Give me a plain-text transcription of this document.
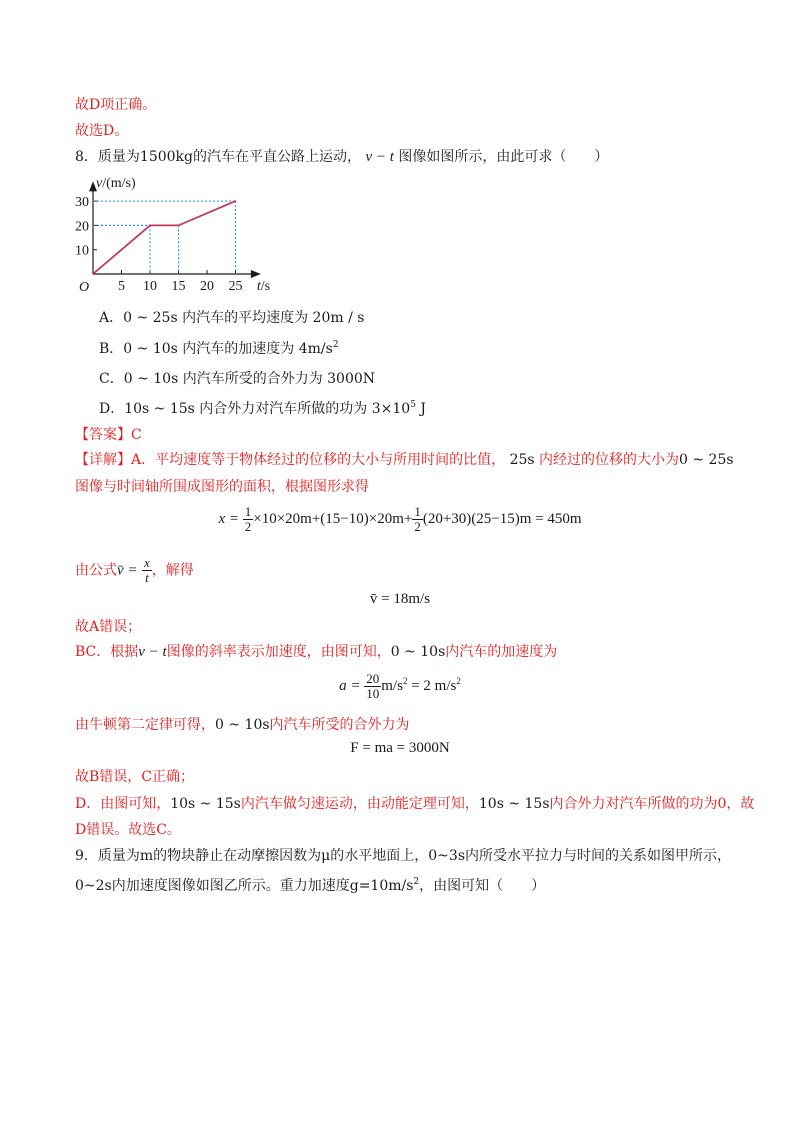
故D项正确。
故选D。
8．质量为1500kg的汽车在平直公路上运动， v − t 图像如图所示，由此可求（　　）
5 10 15 20 25
10
20
30
O	t/s
v/(m/s)
A．0 ~ 25s 内汽车的平均速度为 20m / s
B．0 ~ 10s 内汽车的加速度为 $4m/s^2$
C．0 ~ 10s 内汽车所受的合外力为 3000N
D．10s ~ 15s 内合外力对汽车所做的功为 $3\times 10^5$ J
【答案】C
【详解】A．平均速度等于物体经过的位移的大小与所用时间的比值， 25s 内经过的位移的大小为0 ~ 25s
图像与时间轴所围成图形的面积，根据图形求得
$x = \frac{1}{2} \times 10\times 20m+(15-10)\times 20m+ \frac{1}{2} (20+30)(25-15)m = 450m$
由公式v̄ = $\frac{x}{t}$ ，解得
v̄ = 18m/s
故A错误；
BC．根据v − t图像的斜率表示加速度，由图可知，0 ~ 10s内汽车的加速度为
$a = \frac{20}{10} m/s^2 = 2$ $m/s^2$
由牛顿第二定律可得，0 ~ 10s内汽车所受的合外力为
F = ma = 3000N
故B错误，C正确；
D．由图可知，10s ~ 15s内汽车做匀速运动，由动能定理可知，10s ~ 15s内合外力对汽车所做的功为0，故
D错误。故选C。
9．质量为m的物块静止在动摩擦因数为μ的水平地面上，0~3s内所受水平拉力与时间的关系如图甲所示，
0~2s内加速度图像如图乙所示。重力加速度$g=10m/s^2$，由图可知（　　）
